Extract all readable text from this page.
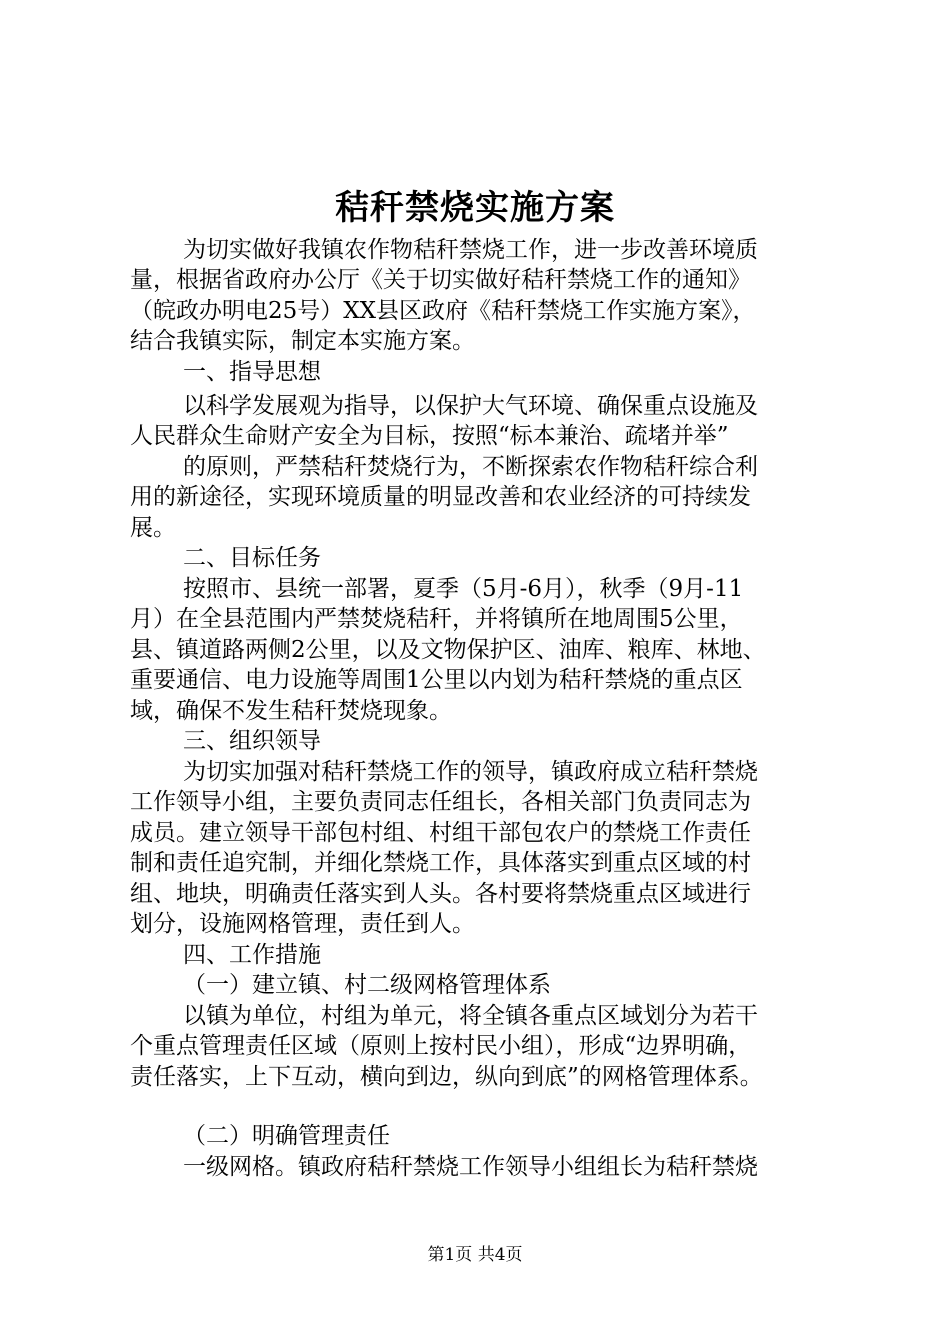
秸秆禁烧实施方案
为切实做好我镇农作物秸秆禁烧工作，进一步改善环境质
量，根据省政府办公厅《关于切实做好秸秆禁烧工作的通知》
（皖政办明电25号）XX县区政府《秸秆禁烧工作实施方案》，
结合我镇实际，制定本实施方案。
一、指导思想
以科学发展观为指导，以保护大气环境、确保重点设施及
人民群众生命财产安全为目标，按照“标本兼治、疏堵并举”
的原则，严禁秸秆焚烧行为，不断探索农作物秸秆综合利
用的新途径，实现环境质量的明显改善和农业经济的可持续发
展。
二、目标任务
按照市、县统一部署，夏季（5月-6月），秋季（9月-11
月）在全县范围内严禁焚烧秸秆，并将镇所在地周围5公里，
县、镇道路两侧2公里，以及文物保护区、油库、粮库、林地、
重要通信、电力设施等周围1公里以内划为秸秆禁烧的重点区
域，确保不发生秸秆焚烧现象。
三、组织领导
为切实加强对秸秆禁烧工作的领导，镇政府成立秸秆禁烧
工作领导小组，主要负责同志任组长，各相关部门负责同志为
成员。建立领导干部包村组、村组干部包农户的禁烧工作责任
制和责任追究制，并细化禁烧工作，具体落实到重点区域的村
组、地块，明确责任落实到人头。各村要将禁烧重点区域进行
划分，设施网格管理，责任到人。
四、工作措施
（一）建立镇、村二级网格管理体系
以镇为单位，村组为单元，将全镇各重点区域划分为若干
个重点管理责任区域（原则上按村民小组），形成“边界明确，
责任落实，上下互动，横向到边，纵向到底”的网格管理体系。
（二）明确管理责任
一级网格。镇政府秸秆禁烧工作领导小组组长为秸秆禁烧
第1页 共4页
